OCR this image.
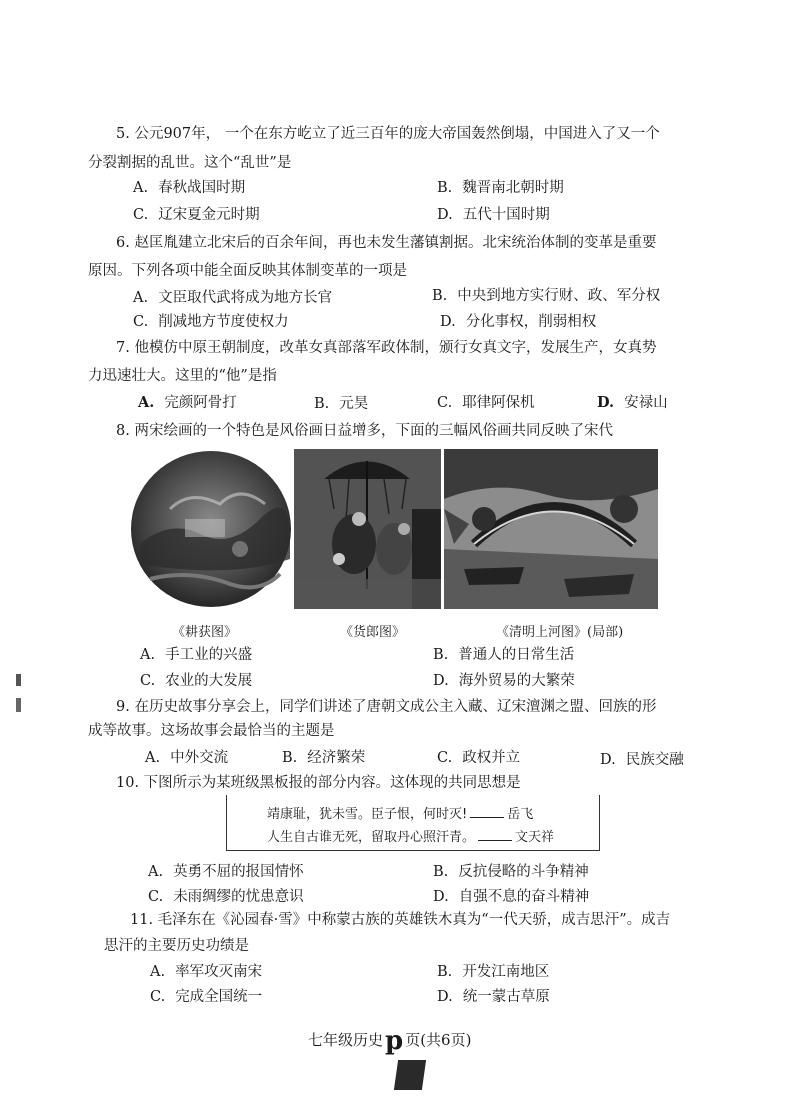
5. 公元907年， 一个在东方屹立了近三百年的庞大帝国轰然倒塌，中国进入了又一个
分裂割据的乱世。这个“乱世”是
A. 春秋战国时期	B. 魏晋南北朝时期
C. 辽宋夏金元时期	D. 五代十国时期
6. 赵匡胤建立北宋后的百余年间，再也未发生藩镇割据。北宋统治体制的变革是重要
原因。下列各项中能全面反映其体制变革的一项是
A. 文臣取代武将成为地方长官	B. 中央到地方实行财、政、军分权
C. 削减地方节度使权力	D. 分化事权，削弱相权
7. 他模仿中原王朝制度，改革女真部落军政体制，颁行女真文字，发展生产，女真势
力迅速壮大。这里的“他”是指
A. 完颜阿骨打	B. 元昊	C. 耶律阿保机	D. 安禄山
8. 两宋绘画的一个特色是风俗画日益增多，下面的三幅风俗画共同反映了宋代
《耕获图》	《货郎图》	《清明上河图》(局部)
A. 手工业的兴盛	B. 普通人的日常生活
C. 农业的大发展	D. 海外贸易的大繁荣
9. 在历史故事分享会上，同学们讲述了唐朝文成公主入藏、辽宋澶渊之盟、回族的形
成等故事。这场故事会最恰当的主题是
A. 中外交流	B. 经济繁荣	C. 政权并立	D. 民族交融
10. 下图所示为某班级黑板报的部分内容。这体现的共同思想是
靖康耻，犹未雪。臣子恨，何时灭!	岳飞
人生自古谁无死，留取丹心照汗青。	文天祥
A. 英勇不屈的报国情怀	B. 反抗侵略的斗争精神
C. 未雨绸缪的忧患意识	D. 自强不息的奋斗精神
11. 毛泽东在《沁园春·雪》中称蒙古族的英雄铁木真为“一代天骄，成吉思汗”。成吉
思汗的主要历史功绩是
A. 率军攻灭南宋	B. 开发江南地区
C. 完成全国统一	D. 统一蒙古草原
七年级历史p 页(共6页)
